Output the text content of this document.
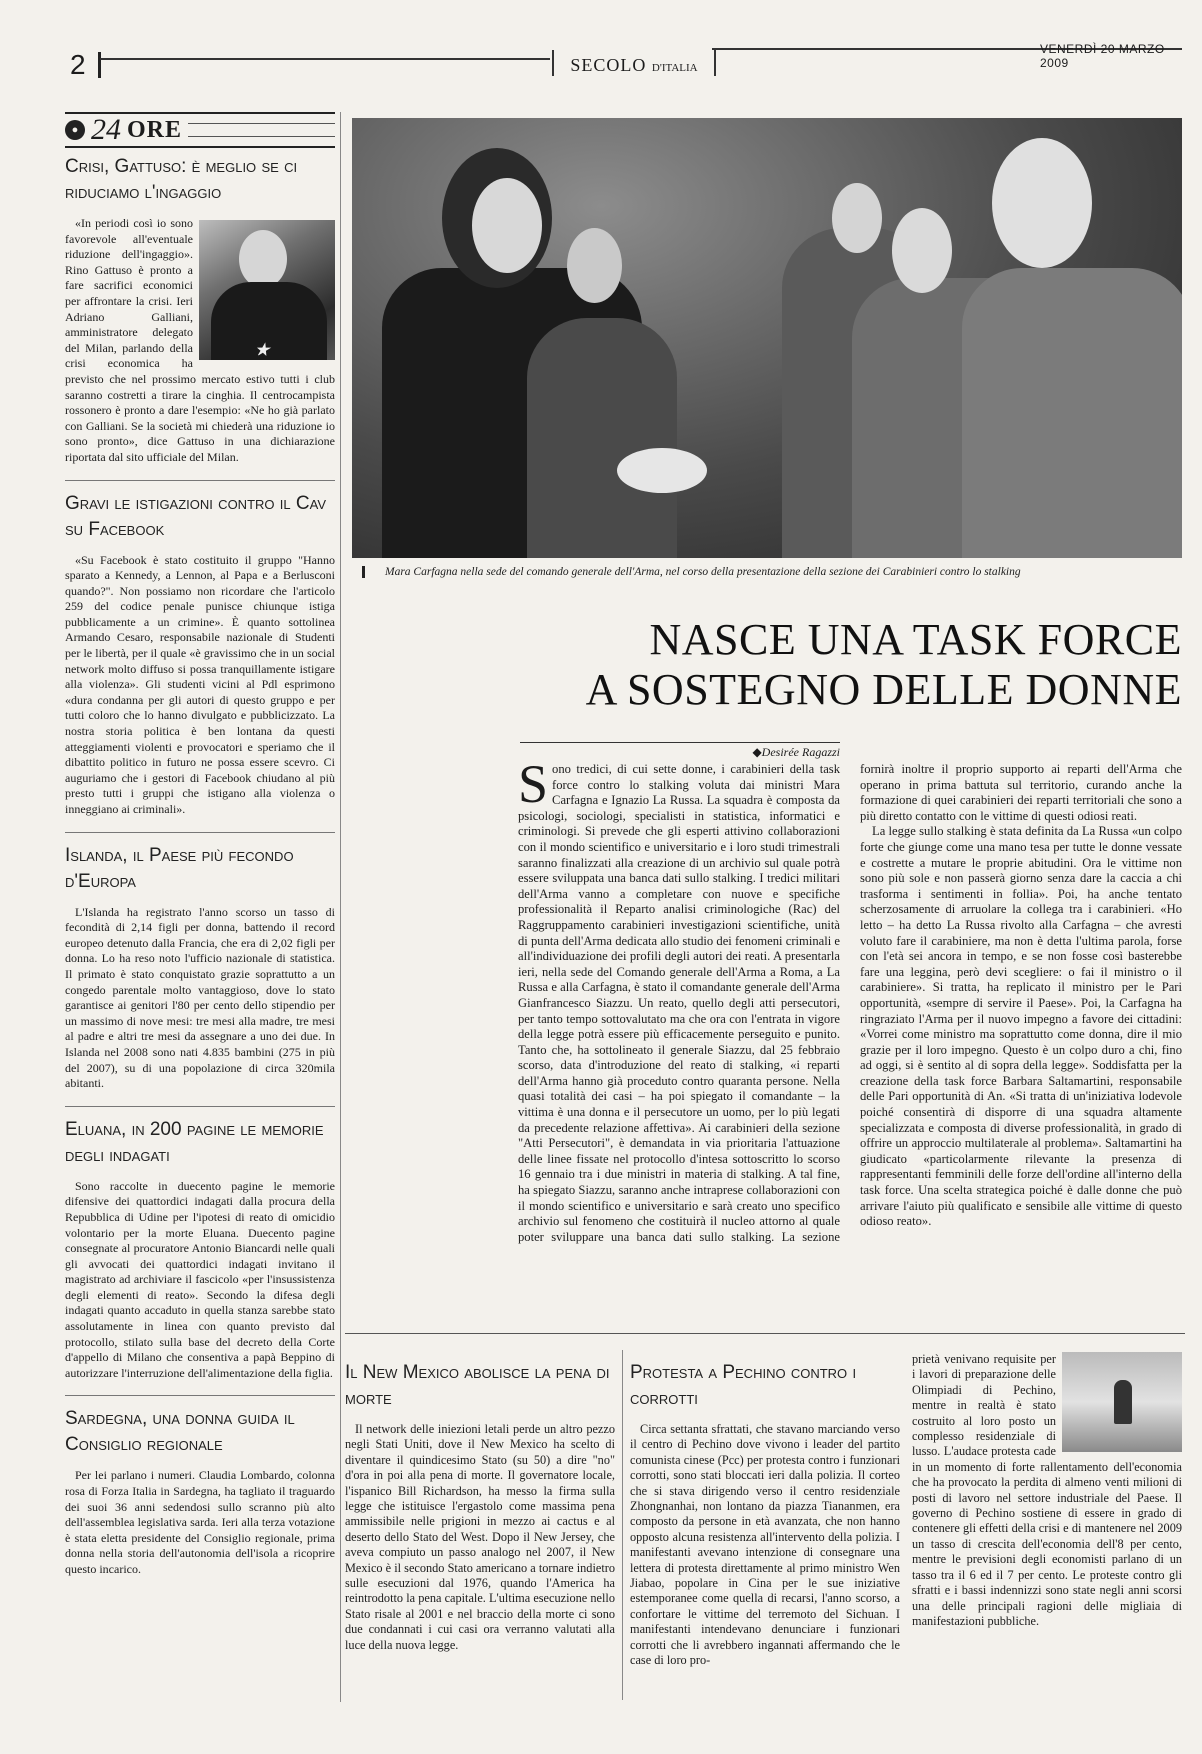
2	SECOLO D'ITALIA
VENERDÌ 20 MARZO 2009
● 24 ORE
Crisi, Gattuso: è meglio se ci riduciamo l'ingaggio
★

«In periodi così io sono favorevole all'eventuale riduzione dell'ingaggio». Rino Gattuso è pronto a fare sacrifici economici per affrontare la crisi. Ieri Adriano Galliani, amministratore delegato del Milan, parlando della crisi economica ha previsto che nel prossimo mercato estivo tutti i club saranno costretti a tirare la cinghia. Il centrocampista rossonero è pronto a dare l'esempio: «Ne ho già parlato con Galliani. Se la società mi chiederà una riduzione io sono pronto», dice Gattuso in una dichiarazione riportata dal sito ufficiale del Milan.

Gravi le istigazioni contro il Cav su Facebook

«Su Facebook è stato costituito il gruppo "Hanno sparato a Kennedy, a Lennon, al Papa e a Berlusconi quando?". Non possiamo non ricordare che l'articolo 259 del codice penale punisce chiunque istiga pubblicamente a un crimine». È quanto sottolinea Armando Cesaro, responsabile nazionale di Studenti per le libertà, per il quale «è gravissimo che in un social network molto diffuso si possa tranquillamente istigare alla violenza». Gli studenti vicini al Pdl esprimono «dura condanna per gli autori di questo gruppo e per tutti coloro che lo hanno divulgato e pubblicizzato. La nostra storia politica è ben lontana da questi atteggiamenti violenti e provocatori e speriamo che il dibattito politico in futuro ne possa essere scevro. Ci auguriamo che i gestori di Facebook chiudano al più presto tutti i gruppi che istigano alla violenza o inneggiano ai criminali».

Islanda, il Paese più fecondo d'Europa

L'Islanda ha registrato l'anno scorso un tasso di fecondità di 2,14 figli per donna, battendo il record europeo detenuto dalla Francia, che era di 2,02 figli per donna. Lo ha reso noto l'ufficio nazionale di statistica. Il primato è stato conquistato grazie soprattutto a un congedo parentale molto vantaggioso, dove lo stato garantisce ai genitori l'80 per cento dello stipendio per un massimo di nove mesi: tre mesi alla madre, tre mesi al padre e altri tre mesi da assegnare a uno dei due. In Islanda nel 2008 sono nati 4.835 bambini (275 in più del 2007), su di una popolazione di circa 320mila abitanti.

Eluana, in 200 pagine le memorie degli indagati

Sono raccolte in duecento pagine le memorie difensive dei quattordici indagati dalla procura della Repubblica di Udine per l'ipotesi di reato di omicidio volontario per la morte Eluana. Duecento pagine consegnate al procuratore Antonio Biancardi nelle quali gli avvocati dei quattordici indagati invitano il magistrato ad archiviare il fascicolo «per l'insussistenza degli elementi di reato». Secondo la difesa degli indagati quanto accaduto in quella stanza sarebbe stato assolutamente in linea con quanto previsto dal protocollo, stilato sulla base del decreto della Corte d'appello di Milano che consentiva a papà Beppino di autorizzare l'interruzione dell'alimentazione della figlia.

Sardegna, una donna guida il Consiglio regionale

Per lei parlano i numeri. Claudia Lombardo, colonna rosa di Forza Italia in Sardegna, ha tagliato il traguardo dei suoi 36 anni sedendosi sullo scranno più alto dell'assemblea legislativa sarda. Ieri alla terza votazione è stata eletta presidente del Consiglio regionale, prima donna nella storia dell'autonomia dell'isola a ricoprire questo incarico.

Mara Carfagna nella sede del comando generale dell'Arma, nel corso della presentazione della sezione dei Carabinieri contro lo stalking
NASCE UNA TASK FORCE
A SOSTEGNO DELLE DONNE
◆ Desirée Ragazzi

Sono tredici, di cui sette donne, i carabinieri della task force contro lo stalking voluta dai ministri Mara Carfagna e Ignazio La Russa. La squadra è composta da psicologi, sociologi, specialisti in statistica, informatici e criminologi. Si prevede che gli esperti attivino collaborazioni con il mondo scientifico e universitario e i loro studi trimestrali saranno finalizzati alla creazione di un archivio sul quale potrà essere sviluppata una banca dati sullo stalking. I tredici militari dell'Arma vanno a completare con nuove e specifiche professionalità il Reparto analisi criminologiche (Rac) del Raggruppamento carabinieri investigazioni scientifiche, unità di punta dell'Arma dedicata allo studio dei fenomeni criminali e all'individuazione dei profili degli autori dei reati. A presentarla ieri, nella sede del Comando generale dell'Arma a Roma, a La Russa e alla Carfagna, è stato il comandante generale dell'Arma Gianfrancesco Siazzu. Un reato, quello degli atti persecutori, per tanto tempo sottovalutato ma che ora con l'entrata in vigore della legge potrà essere più efficacemente perseguito e punito. Tanto che, ha sottolineato il generale Siazzu, dal 25 febbraio scorso, data d'introduzione del reato di stalking, «i reparti dell'Arma hanno già proceduto contro quaranta persone. Nella quasi totalità dei casi – ha poi spiegato il comandante – la vittima è una donna e il persecutore un uomo, per lo più legati da precedente relazione affettiva». Ai carabinieri della sezione "Atti Persecutori", è demandata in via prioritaria l'attuazione delle linee fissate nel protocollo d'intesa sottoscritto lo scorso 16 gennaio tra i due ministri in materia di stalking. A tal fine, ha spiegato Siazzu, saranno anche intraprese collaborazioni con il mondo scientifico e universitario e sarà creato uno specifico archivio sul fenomeno che costituirà il nucleo attorno al quale poter sviluppare una banca dati sullo stalking. La sezione fornirà inoltre il proprio supporto ai reparti dell'Arma che operano in prima battuta sul territorio, curando anche la formazione di quei carabinieri dei reparti territoriali che sono a più diretto contatto con le vittime di questi odiosi reati.

La legge sullo stalking è stata definita da La Russa «un colpo forte che giunge come una mano tesa per tutte le donne vessate e costrette a mutare le proprie abitudini. Ora le vittime non sono più sole e non passerà giorno senza dare la caccia a chi trasforma i sentimenti in follia». Poi, ha anche tentato scherzosamente di arruolare la collega tra i carabinieri. «Ho letto – ha detto La Russa rivolto alla Carfagna – che avresti voluto fare il carabiniere, ma non è detta l'ultima parola, forse con l'età sei ancora in tempo, e se non fosse così basterebbe fare una leggina, però devi scegliere: o fai il ministro o il carabiniere». Si tratta, ha replicato il ministro per le Pari opportunità, «sempre di servire il Paese». Poi, la Carfagna ha ringraziato l'Arma per il nuovo impegno a favore dei cittadini: «Vorrei come ministro ma soprattutto come donna, dire il mio grazie per il loro impegno. Questo è un colpo duro a chi, fino ad oggi, si è sentito al di sopra della legge». Soddisfatta per la creazione della task force Barbara Saltamartini, responsabile delle Pari opportunità di An. «Si tratta di un'iniziativa lodevole poiché consentirà di disporre di una squadra altamente specializzata e composta di diverse professionalità, in grado di offrire un approccio multilaterale al problema». Saltamartini ha giudicato «particolarmente rilevante la presenza di rappresentanti femminili delle forze dell'ordine all'interno della task force. Una scelta strategica poiché è dalle donne che può arrivare l'aiuto più qualificato e sensibile alle vittime di questo odioso reato».

Il New Mexico abolisce la pena di morte

Il network delle iniezioni letali perde un altro pezzo negli Stati Uniti, dove il New Mexico ha scelto di diventare il quindicesimo Stato (su 50) a dire "no" d'ora in poi alla pena di morte. Il governatore locale, l'ispanico Bill Richardson, ha messo la firma sulla legge che istituisce l'ergastolo come massima pena ammissibile nelle prigioni in mezzo ai cactus e al deserto dello Stato del West. Dopo il New Jersey, che aveva compiuto un passo analogo nel 2007, il New Mexico è il secondo Stato americano a tornare indietro sulle esecuzioni dal 1976, quando l'America ha reintrodotto la pena capitale. L'ultima esecuzione nello Stato risale al 2001 e nel braccio della morte ci sono due condannati i cui casi ora verranno valutati alla luce della nuova legge.

Protesta a Pechino contro i corrotti

Circa settanta sfrattati, che stavano marciando verso il centro di Pechino dove vivono i leader del partito comunista cinese (Pcc) per protesta contro i funzionari corrotti, sono stati bloccati ieri dalla polizia. Il corteo che si stava dirigendo verso il centro residenziale Zhongnanhai, non lontano da piazza Tiananmen, era composto da persone in età avanzata, che non hanno opposto alcuna resistenza all'intervento della polizia. I manifestanti avevano intenzione di consegnare una lettera di protesta direttamente al primo ministro Wen Jiabao, popolare in Cina per le sue iniziative estemporanee come quella di recarsi, l'anno scorso, a confortare le vittime del terremoto del Sichuan. I manifestanti intendevano denunciare i funzionari corrotti che li avrebbero ingannati affermando che le case di loro pro-

prietà venivano requisite per i lavori di preparazione delle Olimpiadi di Pechino, mentre in realtà è stato costruito al loro posto un complesso residenziale di lusso. L'audace protesta cade in un momento di forte rallentamento dell'economia che ha provocato la perdita di almeno venti milioni di posti di lavoro nel settore industriale del Paese. Il governo di Pechino sostiene di essere in grado di contenere gli effetti della crisi e di mantenere nel 2009 un tasso di crescita dell'economia dell'8 per cento, mentre le previsioni degli economisti parlano di un tasso tra il 6 ed il 7 per cento. Le proteste contro gli sfratti e i bassi indennizzi sono state negli anni scorsi una delle principali ragioni delle migliaia di manifestazioni pubbliche.
